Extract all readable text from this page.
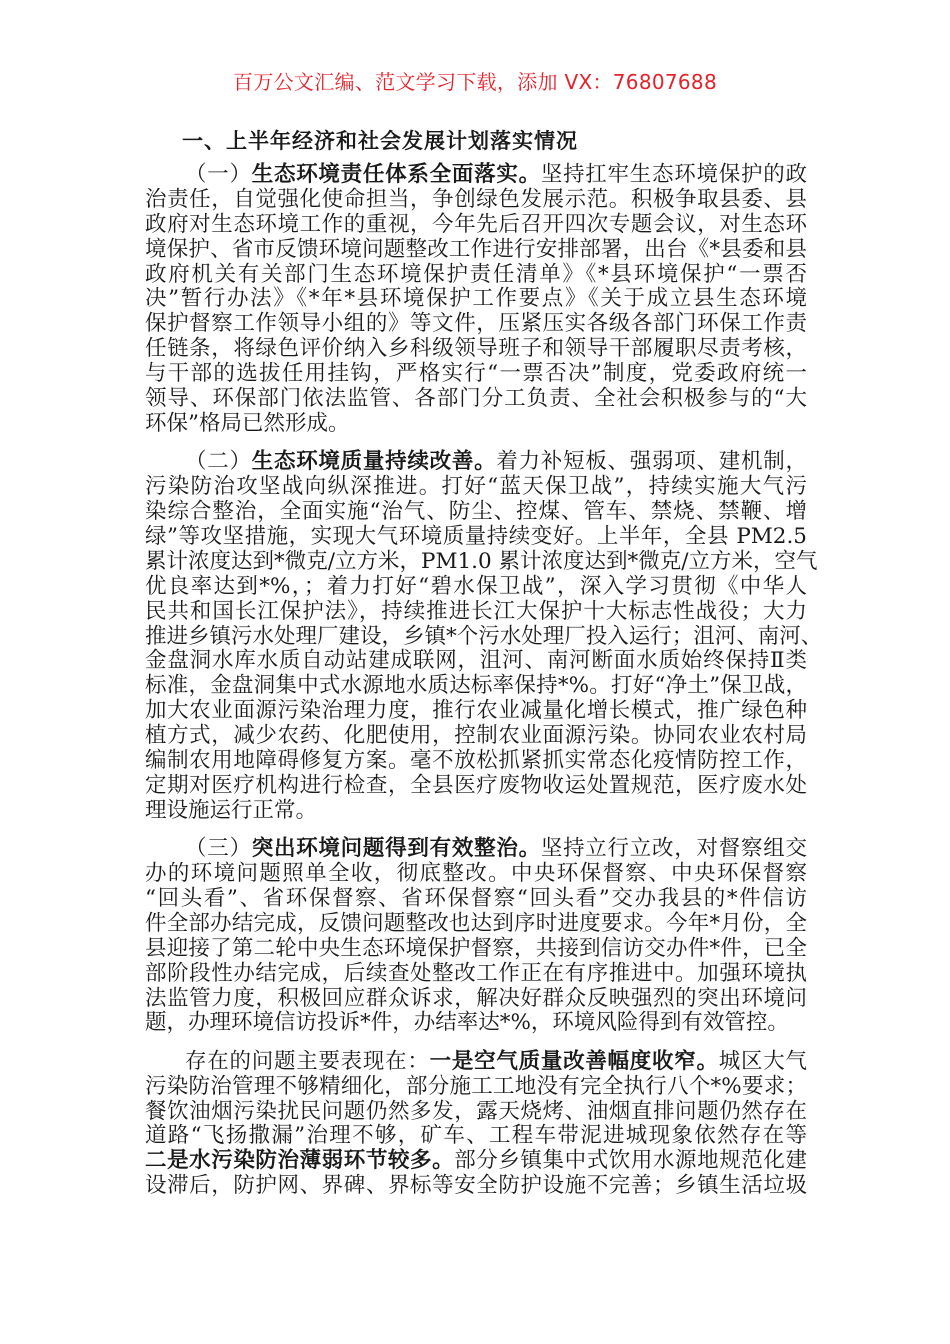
百万公文汇编、范文学习下载，添加 VX：76807688
一、上半年经济和社会发展计划落实情况
（一）生态环境责任体系全面落实。坚持扛牢生态环境保护的政
治责任，自觉强化使命担当，争创绿色发展示范。积极争取县委、县
政府对生态环境工作的重视，今年先后召开四次专题会议，对生态环
境保护、省市反馈环境问题整改工作进行安排部署，出台《*县委和县
政府机关有关部门生态环境保护责任清单》《*县环境保护“一票否
决”暂行办法》《*年*县环境保护工作要点》《关于成立县生态环境
保护督察工作领导小组的》等文件，压紧压实各级各部门环保工作责
任链条，将绿色评价纳入乡科级领导班子和领导干部履职尽责考核，
与干部的选拔任用挂钩，严格实行“一票否决”制度，党委政府统一
领导、环保部门依法监管、各部门分工负责、全社会积极参与的“大
环保”格局已然形成。
（二）生态环境质量持续改善。着力补短板、强弱项、建机制，
污染防治攻坚战向纵深推进。打好“蓝天保卫战”，持续实施大气污
染综合整治，全面实施“治气、防尘、控煤、管车、禁烧、禁鞭、增
绿”等攻坚措施，实现大气环境质量持续变好。上半年，全县 PM2.5
累计浓度达到*微克/立方米，PM1.0 累计浓度达到*微克/立方米，空气
优良率达到*%，；着力打好“碧水保卫战”，深入学习贯彻《中华人
民共和国长江保护法》，持续推进长江大保护十大标志性战役；大力
推进乡镇污水处理厂建设，乡镇*个污水处理厂投入运行；沮河、南河、
金盘洞水库水质自动站建成联网，沮河、南河断面水质始终保持Ⅱ类
标准，金盘洞集中式水源地水质达标率保持*%。打好“净土”保卫战，
加大农业面源污染治理力度，推行农业减量化增长模式，推广绿色种
植方式，减少农药、化肥使用，控制农业面源污染。协同农业农村局
编制农用地障碍修复方案。毫不放松抓紧抓实常态化疫情防控工作，
定期对医疗机构进行检查，全县医疗废物收运处置规范，医疗废水处
理设施运行正常。
（三）突出环境问题得到有效整治。坚持立行立改，对督察组交
办的环境问题照单全收，彻底整改。中央环保督察、中央环保督察
“回头看”、省环保督察、省环保督察“回头看”交办我县的*件信访
件全部办结完成，反馈问题整改也达到序时进度要求。今年*月份，全
县迎接了第二轮中央生态环境保护督察，共接到信访交办件*件，已全
部阶段性办结完成，后续查处整改工作正在有序推进中。加强环境执
法监管力度，积极回应群众诉求，解决好群众反映强烈的突出环境问
题，办理环境信访投诉*件，办结率达*%，环境风险得到有效管控。
存在的问题主要表现在：一是空气质量改善幅度收窄。城区大气
污染防治管理不够精细化，部分施工工地没有完全执行八个*%要求；
餐饮油烟污染扰民问题仍然多发，露天烧烤、油烟直排问题仍然存在
道路“飞扬撒漏”治理不够，矿车、工程车带泥进城现象依然存在等
二是水污染防治薄弱环节较多。部分乡镇集中式饮用水源地规范化建
设滞后，防护网、界碑、界标等安全防护设施不完善；乡镇生活垃圾
